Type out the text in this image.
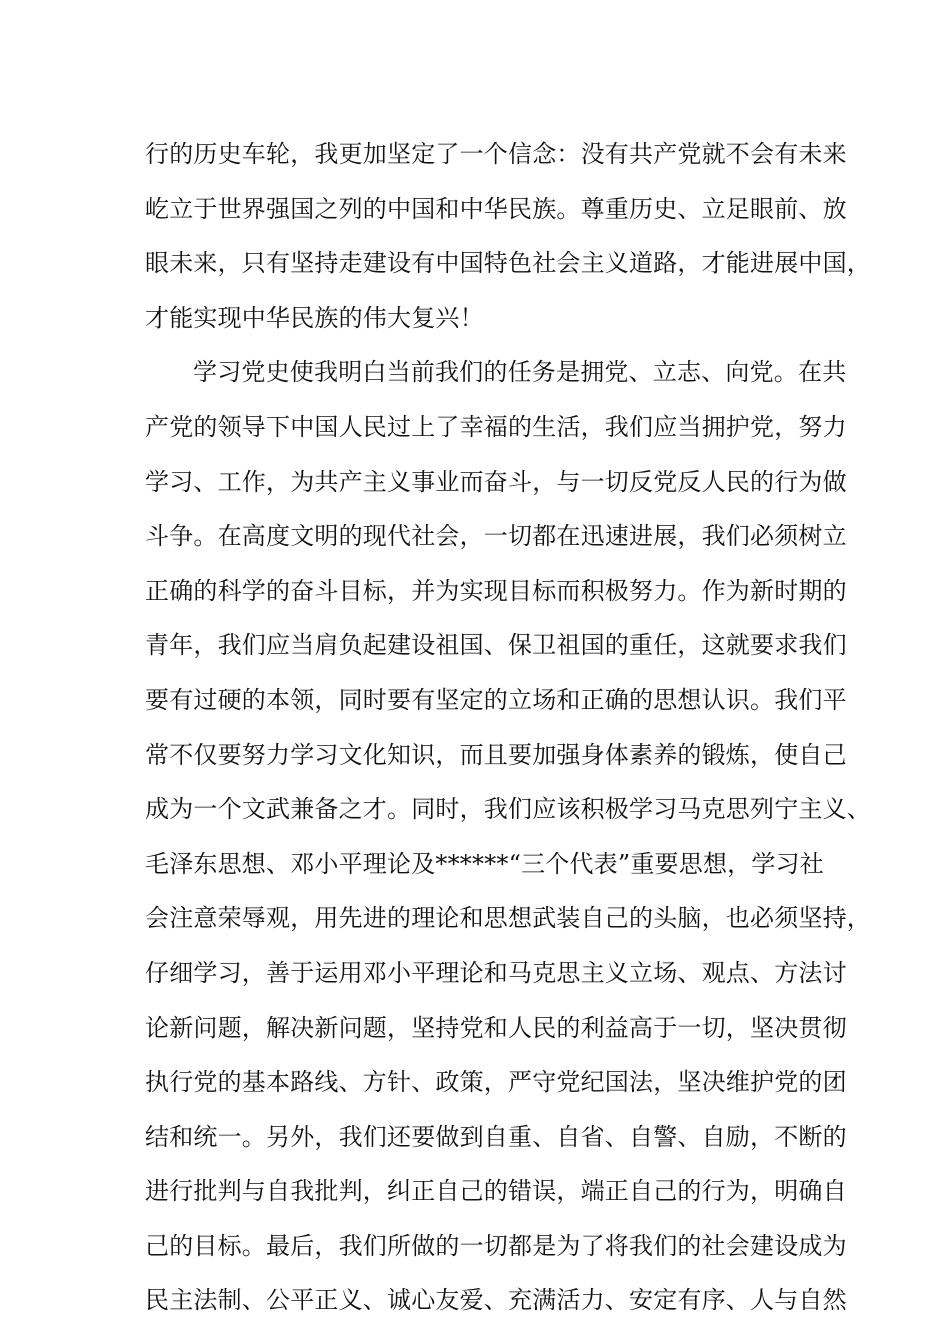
行的历史车轮，我更加坚定了一个信念：没有共产党就不会有未来
屹立于世界强国之列的中国和中华民族。尊重历史、立足眼前、放
眼未来，只有坚持走建设有中国特色社会主义道路，才能进展中国，
才能实现中华民族的伟大复兴！
学习党史使我明白当前我们的任务是拥党、立志、向党。在共
产党的领导下中国人民过上了幸福的生活，我们应当拥护党，努力
学习、工作，为共产主义事业而奋斗，与一切反党反人民的行为做
斗争。在高度文明的现代社会，一切都在迅速进展，我们必须树立
正确的科学的奋斗目标，并为实现目标而积极努力。作为新时期的
青年，我们应当肩负起建设祖国、保卫祖国的重任，这就要求我们
要有过硬的本领，同时要有坚定的立场和正确的思想认识。我们平
常不仅要努力学习文化知识，而且要加强身体素养的锻炼，使自己
成为一个文武兼备之才。同时，我们应该积极学习马克思列宁主义、
毛泽东思想、邓小平理论及******“三个代表”重要思想，学习社
会注意荣辱观，用先进的理论和思想武装自己的头脑，也必须坚持，
仔细学习，善于运用邓小平理论和马克思主义立场、观点、方法讨
论新问题，解决新问题，坚持党和人民的利益高于一切，坚决贯彻
执行党的基本路线、方针、政策，严守党纪国法，坚决维护党的团
结和统一。另外，我们还要做到自重、自省、自警、自励，不断的
进行批判与自我批判，纠正自己的错误，端正自己的行为，明确自
己的目标。最后，我们所做的一切都是为了将我们的社会建设成为
民主法制、公平正义、诚心友爱、充满活力、安定有序、人与自然
